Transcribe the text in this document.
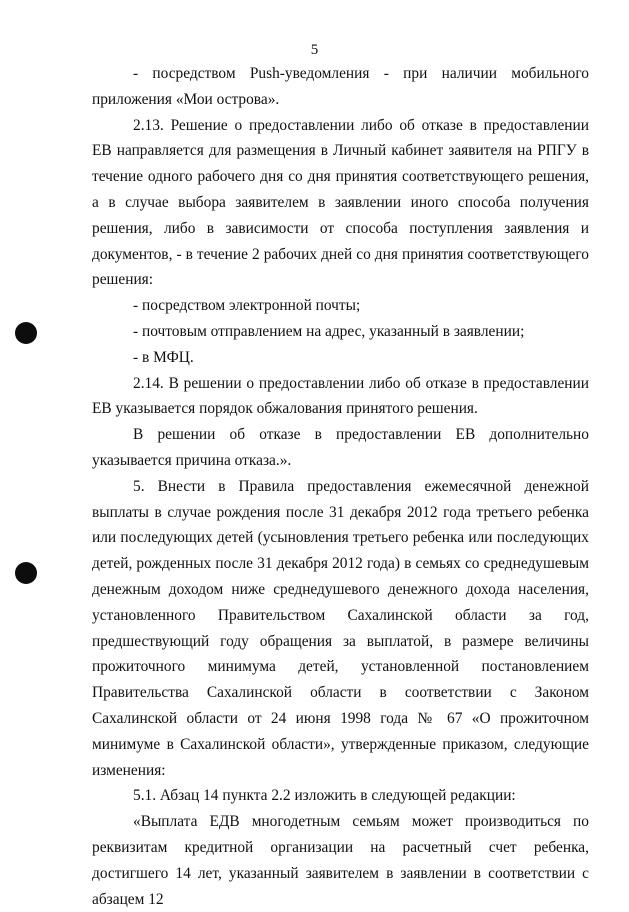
5

- посредством Push-уведомления - при наличии мобильного приложения «Мои острова».

2.13. Решение о предоставлении либо об отказе в предоставлении ЕВ направляется для размещения в Личный кабинет заявителя на РПГУ в течение одного рабочего дня со дня принятия соответствующего решения, а в случае выбора заявителем в заявлении иного способа получения решения, либо в зависимости от способа поступления заявления и документов, - в течение 2 рабочих дней со дня принятия соответствующего решения:

- посредством электронной почты;

- почтовым отправлением на адрес, указанный в заявлении;

- в МФЦ.

2.14. В решении о предоставлении либо об отказе в предоставлении ЕВ указывается порядок обжалования принятого решения.

В решении об отказе в предоставлении ЕВ дополнительно указывается причина отказа.».

5. Внести в Правила предоставления ежемесячной денежной выплаты в случае рождения после 31 декабря 2012 года третьего ребенка или последующих детей (усыновления третьего ребенка или последующих детей, рожденных после 31 декабря 2012 года) в семьях со среднедушевым денежным доходом ниже среднедушевого денежного дохода населения, установленного Правительством Сахалинской области за год, предшествующий году обращения за выплатой, в размере величины прожиточного минимума детей, установленной постановлением Правительства Сахалинской области в соответствии с Законом Сахалинской области от 24 июня 1998 года № 67 «О прожиточном минимуме в Сахалинской области», утвержденные приказом, следующие изменения:

5.1. Абзац 14 пункта 2.2 изложить в следующей редакции:

«Выплата ЕДВ многодетным семьям может производиться по реквизитам кредитной организации на расчетный счет ребенка, достигшего 14 лет, указанный заявителем в заявлении в соответствии с абзацем 12
